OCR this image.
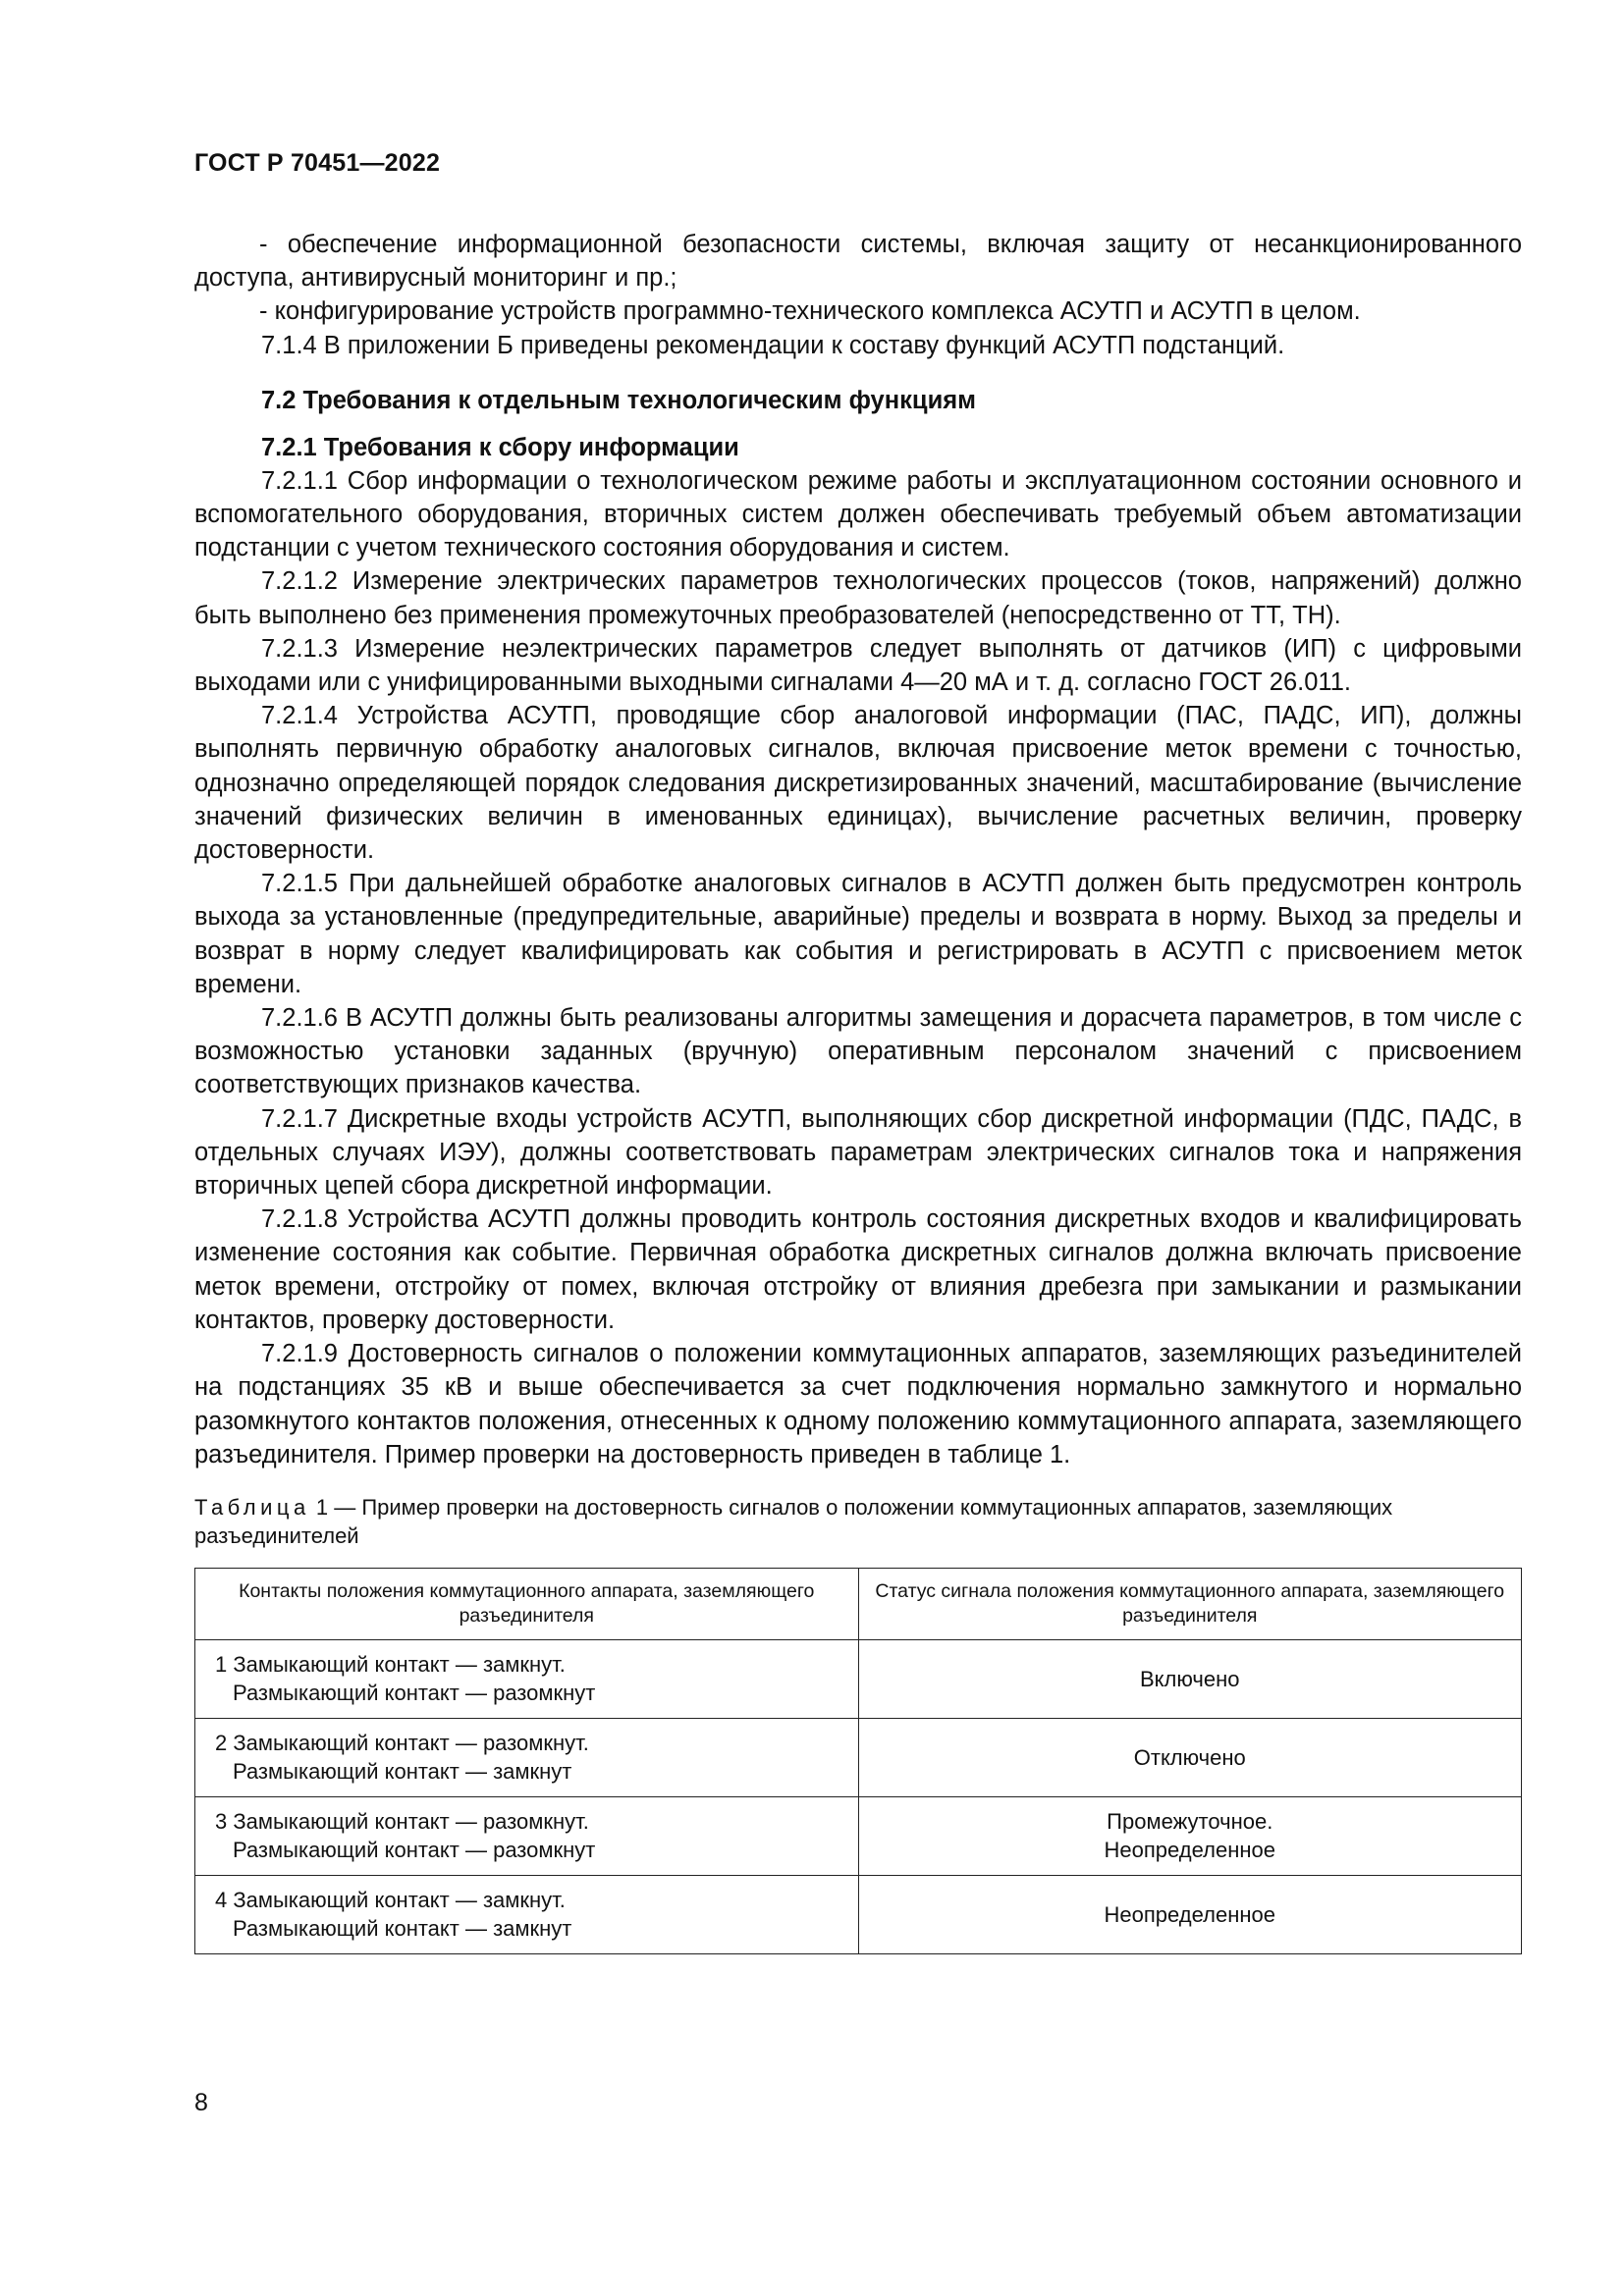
ГОСТ Р 70451—2022

- обеспечение информационной безопасности системы, включая защиту от несанкционированного доступа, антивирусный мониторинг и пр.;

- конфигурирование устройств программно-технического комплекса АСУТП и АСУТП в целом.

7.1.4 В приложении Б приведены рекомендации к составу функций АСУТП подстанций.

7.2 Требования к отдельным технологическим функциям
7.2.1 Требования к сбору информации

7.2.1.1 Сбор информации о технологическом режиме работы и эксплуатационном состоянии основного и вспомогательного оборудования, вторичных систем должен обеспечивать требуемый объем автоматизации подстанции с учетом технического состояния оборудования и систем.

7.2.1.2 Измерение электрических параметров технологических процессов (токов, напряжений) должно быть выполнено без применения промежуточных преобразователей (непосредственно от ТТ, ТН).

7.2.1.3 Измерение неэлектрических параметров следует выполнять от датчиков (ИП) с цифровыми выходами или с унифицированными выходными сигналами 4—20 мА и т. д. согласно ГОСТ 26.011.

7.2.1.4 Устройства АСУТП, проводящие сбор аналоговой информации (ПАС, ПАДС, ИП), должны выполнять первичную обработку аналоговых сигналов, включая присвоение меток времени с точностью, однозначно определяющей порядок следования дискретизированных значений, масштабирование (вычисление значений физических величин в именованных единицах), вычисление расчетных величин, проверку достоверности.

7.2.1.5 При дальнейшей обработке аналоговых сигналов в АСУТП должен быть предусмотрен контроль выхода за установленные (предупредительные, аварийные) пределы и возврата в норму. Выход за пределы и возврат в норму следует квалифицировать как события и регистрировать в АСУТП с присвоением меток времени.

7.2.1.6 В АСУТП должны быть реализованы алгоритмы замещения и дорасчета параметров, в том числе с возможностью установки заданных (вручную) оперативным персоналом значений с присвоением соответствующих признаков качества.

7.2.1.7 Дискретные входы устройств АСУТП, выполняющих сбор дискретной информации (ПДС, ПАДС, в отдельных случаях ИЭУ), должны соответствовать параметрам электрических сигналов тока и напряжения вторичных цепей сбора дискретной информации.

7.2.1.8 Устройства АСУТП должны проводить контроль состояния дискретных входов и квалифицировать изменение состояния как событие. Первичная обработка дискретных сигналов должна включать присвоение меток времени, отстройку от помех, включая отстройку от влияния дребезга при замыкании и размыкании контактов, проверку достоверности.

7.2.1.9 Достоверность сигналов о положении коммутационных аппаратов, заземляющих разъединителей на подстанциях 35 кВ и выше обеспечивается за счет подключения нормально замкнутого и нормально разомкнутого контактов положения, отнесенных к одному положению коммутационного аппарата, заземляющего разъединителя. Пример проверки на достоверность приведен в таблице 1.

Таблица 1 — Пример проверки на достоверность сигналов о положении коммутационных аппаратов, заземляющих разъединителей
Контакты положения коммутационного аппарата, заземляющего разъединителя	Статус сигнала положения коммутационного аппарата, заземляющего разъединителя
1 Замыкающий контакт — замкнут.
Размыкающий контакт — разомкнут	Включено
2 Замыкающий контакт — разомкнут.
Размыкающий контакт — замкнут	Отключено
3 Замыкающий контакт — разомкнут.
Размыкающий контакт — разомкнут	Промежуточное.
Неопределенное
4 Замыкающий контакт — замкнут.
Размыкающий контакт — замкнут	Неопределенное
8
